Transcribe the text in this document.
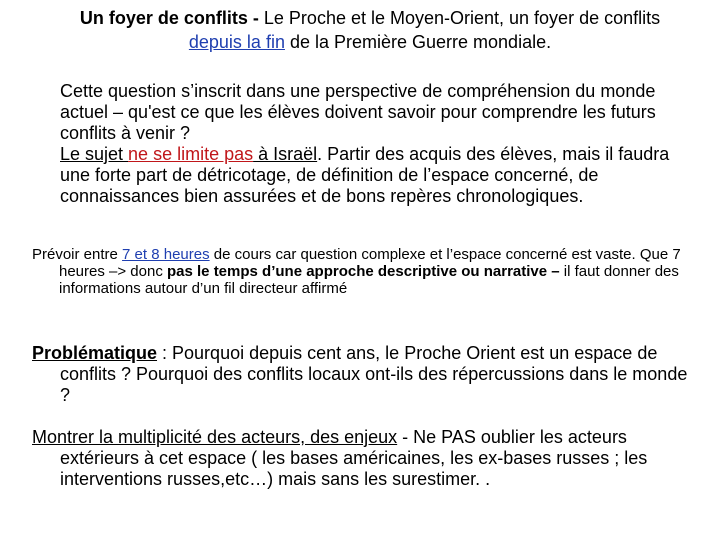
Un foyer de conflits - Le Proche et le Moyen-Orient, un foyer de conflits depuis la fin de la Première Guerre mondiale.
Cette question s’inscrit dans une perspective de compréhension du monde actuel – qu'est ce que les élèves doivent savoir pour comprendre les futurs conflits à venir ?
Le sujet ne se limite pas à Israël. Partir des acquis des élèves, mais il faudra une forte part de détricotage, de définition de l’espace concerné, de connaissances bien assurées et de bons repères chronologiques.
Prévoir entre 7 et 8 heures de cours car question complexe et l’espace concerné est vaste. Que 7 heures –> donc pas le temps d’une approche descriptive ou narrative – il faut donner des informations autour d’un fil directeur affirmé
Problématique : Pourquoi depuis cent ans, le Proche Orient est un espace de conflits ? Pourquoi des conflits locaux ont-ils des répercussions dans le monde ?
Montrer la multiplicité des acteurs, des enjeux - Ne PAS oublier les acteurs extérieurs à cet espace ( les bases américaines, les ex-bases russes ; les interventions russes,etc…) mais sans les surestimer. .
